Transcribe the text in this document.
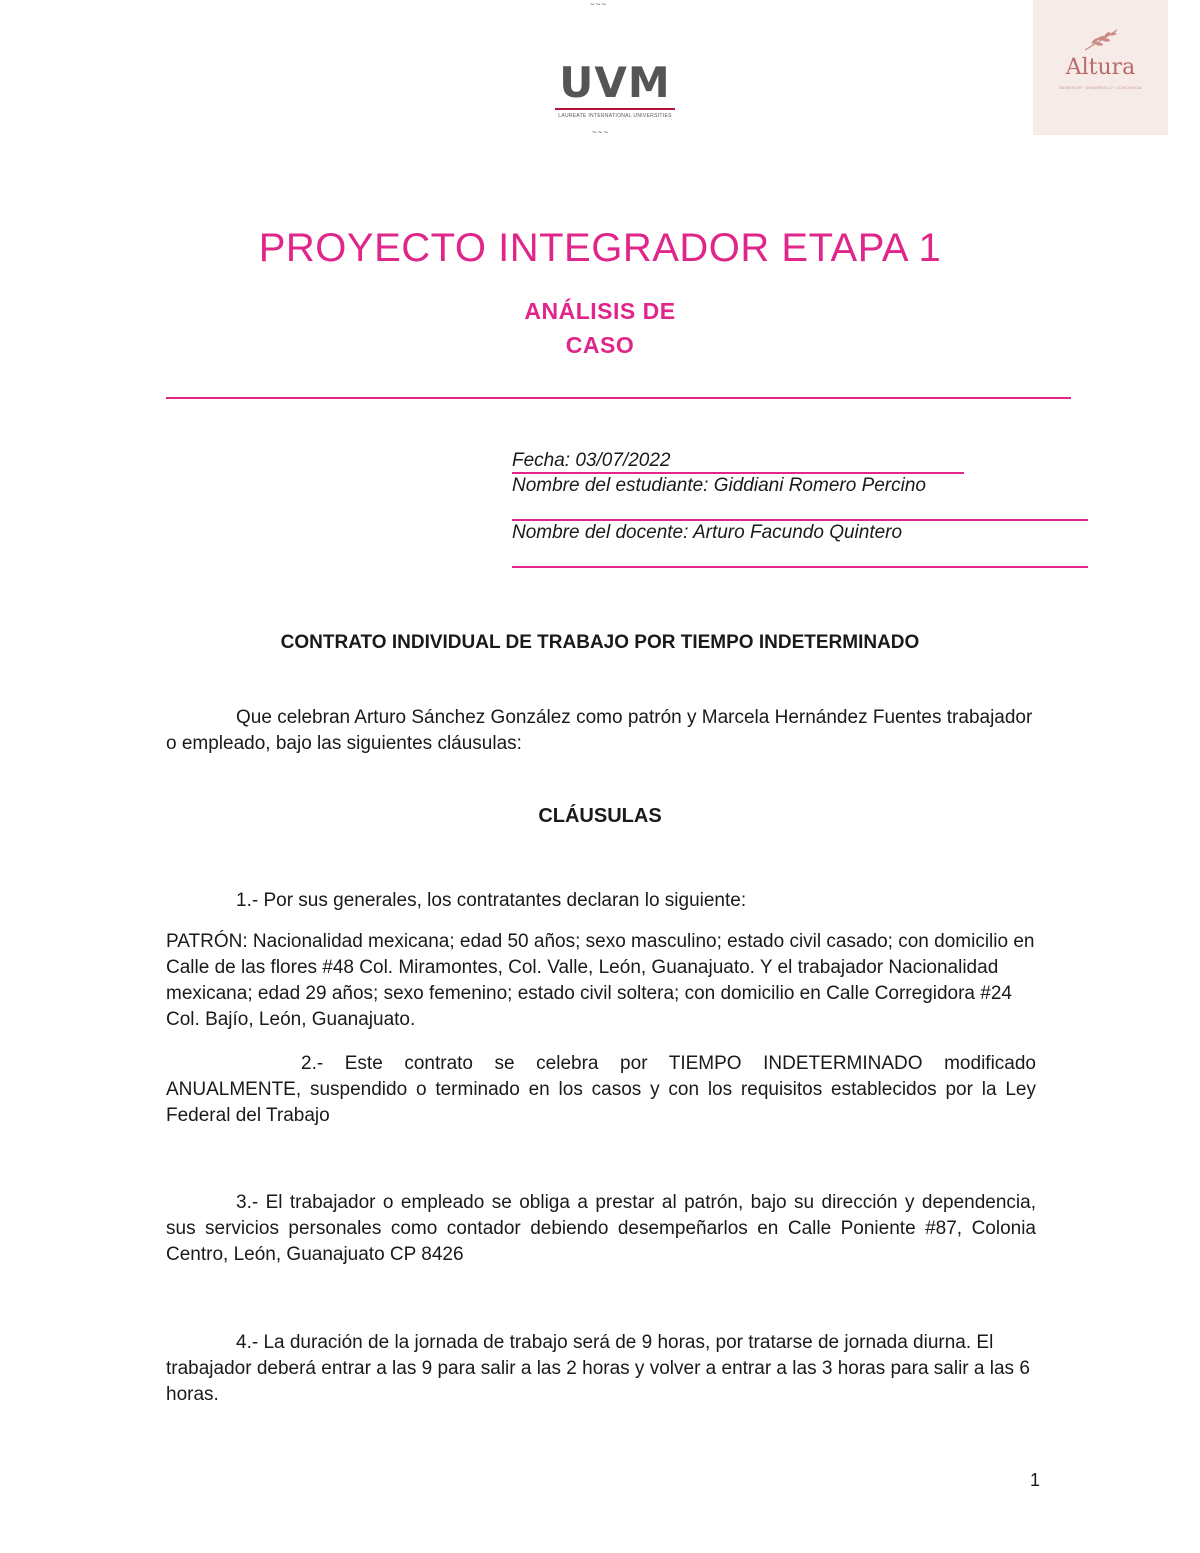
~~~
UVM
LAUREATE INTERNATIONAL UNIVERSITIES
~~~
Altura
BIENESTAR · DESARROLLO · CONCIENCIA
PROYECTO INTEGRADOR ETAPA 1
ANÁLISIS DE
CASO
Fecha: 03/07/2022
Nombre del estudiante: Giddiani Romero Percino
Nombre del docente: Arturo Facundo Quintero
CONTRATO INDIVIDUAL DE TRABAJO POR TIEMPO INDETERMINADO
Que celebran Arturo Sánchez González como patrón y Marcela Hernández Fuentes trabajador o empleado, bajo las siguientes cláusulas:
CLÁUSULAS
1.- Por sus generales, los contratantes declaran lo siguiente:
PATRÓN: Nacionalidad mexicana; edad 50 años; sexo masculino; estado civil casado; con domicilio en Calle de las flores #48 Col. Miramontes, Col. Valle, León, Guanajuato. Y el trabajador Nacionalidad mexicana; edad 29 años; sexo femenino; estado civil soltera; con domicilio en Calle Corregidora #24 Col. Bajío, León, Guanajuato.
2.- Este contrato se celebra por TIEMPO INDETERMINADO modificado ANUALMENTE, suspendido o terminado en los casos y con los requisitos establecidos por la Ley Federal del Trabajo
3.- El trabajador o empleado se obliga a prestar al patrón, bajo su dirección y dependencia, sus servicios personales como contador debiendo desempeñarlos en Calle Poniente #87, Colonia Centro, León, Guanajuato CP 8426
4.- La duración de la jornada de trabajo será de 9 horas, por tratarse de jornada diurna. El trabajador deberá entrar a las 9 para salir a las 2 horas y volver a entrar a las 3 horas para salir a las 6 horas.
1
